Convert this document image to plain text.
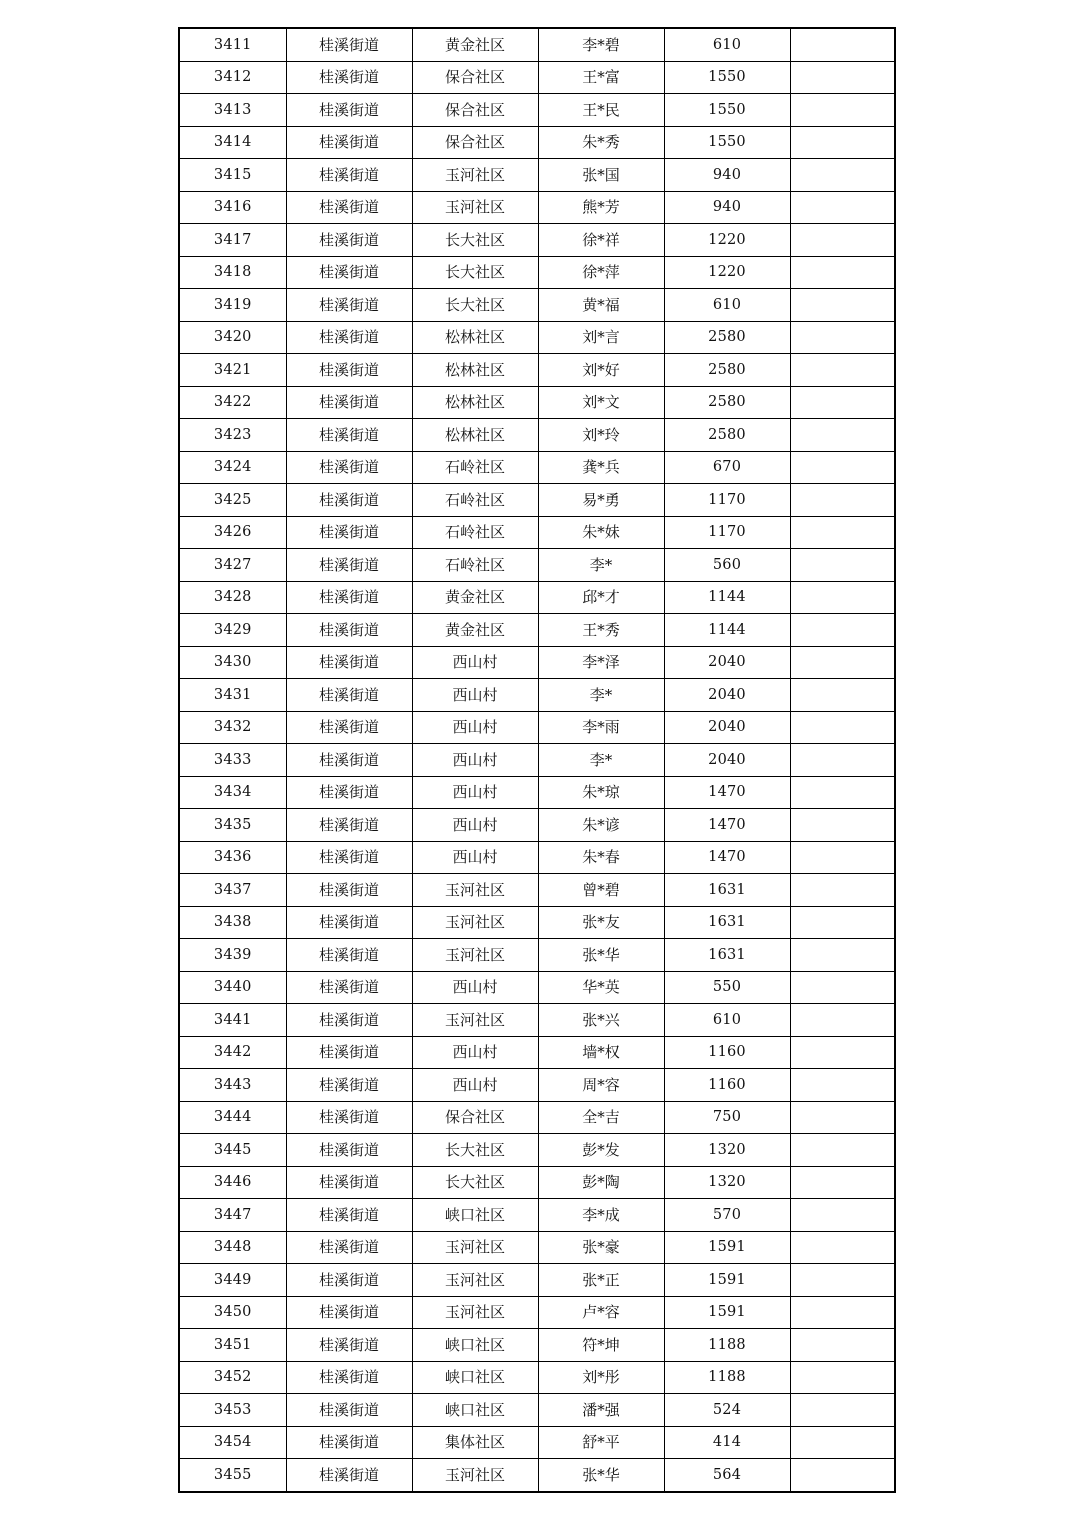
3411	桂溪街道	黄金社区	李*碧	610	
3412	桂溪街道	保合社区	王*富	1550	
3413	桂溪街道	保合社区	王*民	1550	
3414	桂溪街道	保合社区	朱*秀	1550	
3415	桂溪街道	玉河社区	张*国	940	
3416	桂溪街道	玉河社区	熊*芳	940	
3417	桂溪街道	长大社区	徐*祥	1220	
3418	桂溪街道	长大社区	徐*萍	1220	
3419	桂溪街道	长大社区	黄*福	610	
3420	桂溪街道	松林社区	刘*言	2580	
3421	桂溪街道	松林社区	刘*好	2580	
3422	桂溪街道	松林社区	刘*文	2580	
3423	桂溪街道	松林社区	刘*玲	2580	
3424	桂溪街道	石岭社区	龚*兵	670	
3425	桂溪街道	石岭社区	易*勇	1170	
3426	桂溪街道	石岭社区	朱*妹	1170	
3427	桂溪街道	石岭社区	李*	560	
3428	桂溪街道	黄金社区	邱*才	1144	
3429	桂溪街道	黄金社区	王*秀	1144	
3430	桂溪街道	西山村	李*泽	2040	
3431	桂溪街道	西山村	李*	2040	
3432	桂溪街道	西山村	李*雨	2040	
3433	桂溪街道	西山村	李*	2040	
3434	桂溪街道	西山村	朱*琼	1470	
3435	桂溪街道	西山村	朱*谚	1470	
3436	桂溪街道	西山村	朱*春	1470	
3437	桂溪街道	玉河社区	曾*碧	1631	
3438	桂溪街道	玉河社区	张*友	1631	
3439	桂溪街道	玉河社区	张*华	1631	
3440	桂溪街道	西山村	华*英	550	
3441	桂溪街道	玉河社区	张*兴	610	
3442	桂溪街道	西山村	墙*权	1160	
3443	桂溪街道	西山村	周*容	1160	
3444	桂溪街道	保合社区	全*吉	750	
3445	桂溪街道	长大社区	彭*发	1320	
3446	桂溪街道	长大社区	彭*陶	1320	
3447	桂溪街道	峡口社区	李*成	570	
3448	桂溪街道	玉河社区	张*豪	1591	
3449	桂溪街道	玉河社区	张*正	1591	
3450	桂溪街道	玉河社区	卢*容	1591	
3451	桂溪街道	峡口社区	符*坤	1188	
3452	桂溪街道	峡口社区	刘*彤	1188	
3453	桂溪街道	峡口社区	潘*强	524	
3454	桂溪街道	集体社区	舒*平	414	
3455	桂溪街道	玉河社区	张*华	564	
